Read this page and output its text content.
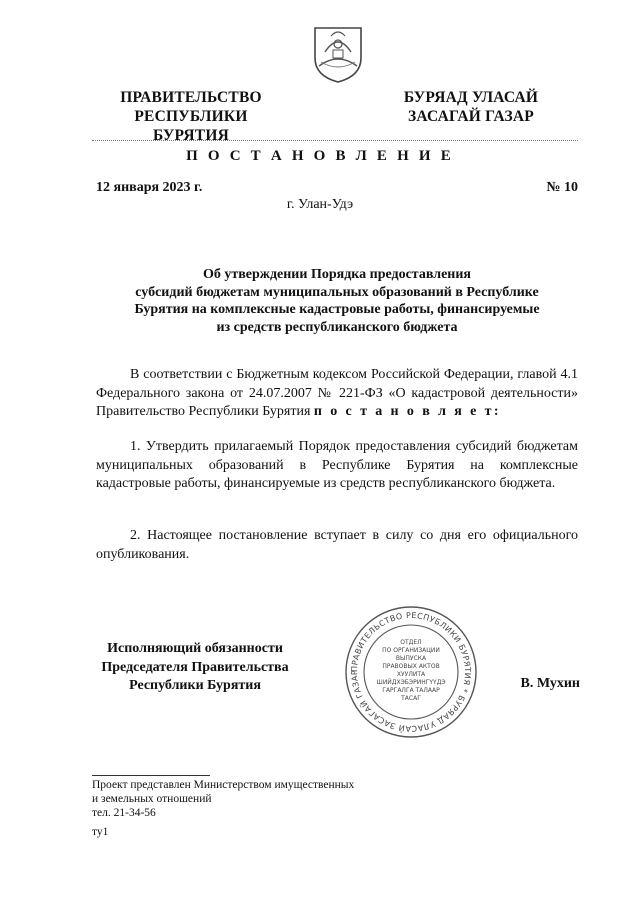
ПРАВИТЕЛЬСТВО
РЕСПУБЛИКИ БУРЯТИЯ
БУРЯАД УЛАСАЙ
ЗАСАГАЙ ГАЗАР
П О С Т А Н О В Л Е Н И Е
12 января 2023 г.	№ 10
г. Улан-Удэ
Об утверждении Порядка предоставления
субсидий бюджетам муниципальных образований в Республике
Бурятия на комплексные кадастровые работы, финансируемые
из средств республиканского бюджета
В соответствии с Бюджетным кодексом Российской Федерации, главой 4.1 Федерального закона от 24.07.2007 № 221-ФЗ «О кадастровой деятельности» Правительство Республики Бурятия п о с т а н о в л я е т:
1. Утвердить прилагаемый Порядок предоставления субсидий бюджетам муниципальных образований в Республике Бурятия на комплексные кадастровые работы, финансируемые из средств республиканского бюджета.
2. Настоящее постановление вступает в силу со дня его официального опубликования.
Исполняющий обязанности
Председателя Правительства
Республики Бурятия
ПРАВИТЕЛЬСТВО РЕСПУБЛИКИ БУРЯТИЯ * БУРЯАД УЛАСАЙ ЗАСАГАЙ ГАЗАР
ОТДЕЛ
ПО ОРГАНИЗАЦИИ
ВЫПУСКА
ПРАВОВЫХ АКТОВ
ХУУЛИТА
ШИЙДХЭБЭРИНГҮҮДЭ
ГАРГАЛГА ТАЛААР
ТАСАГ
В. Мухин
Проект представлен Министерством имущественных
и земельных отношений
тел. 21-34-56
ту1
